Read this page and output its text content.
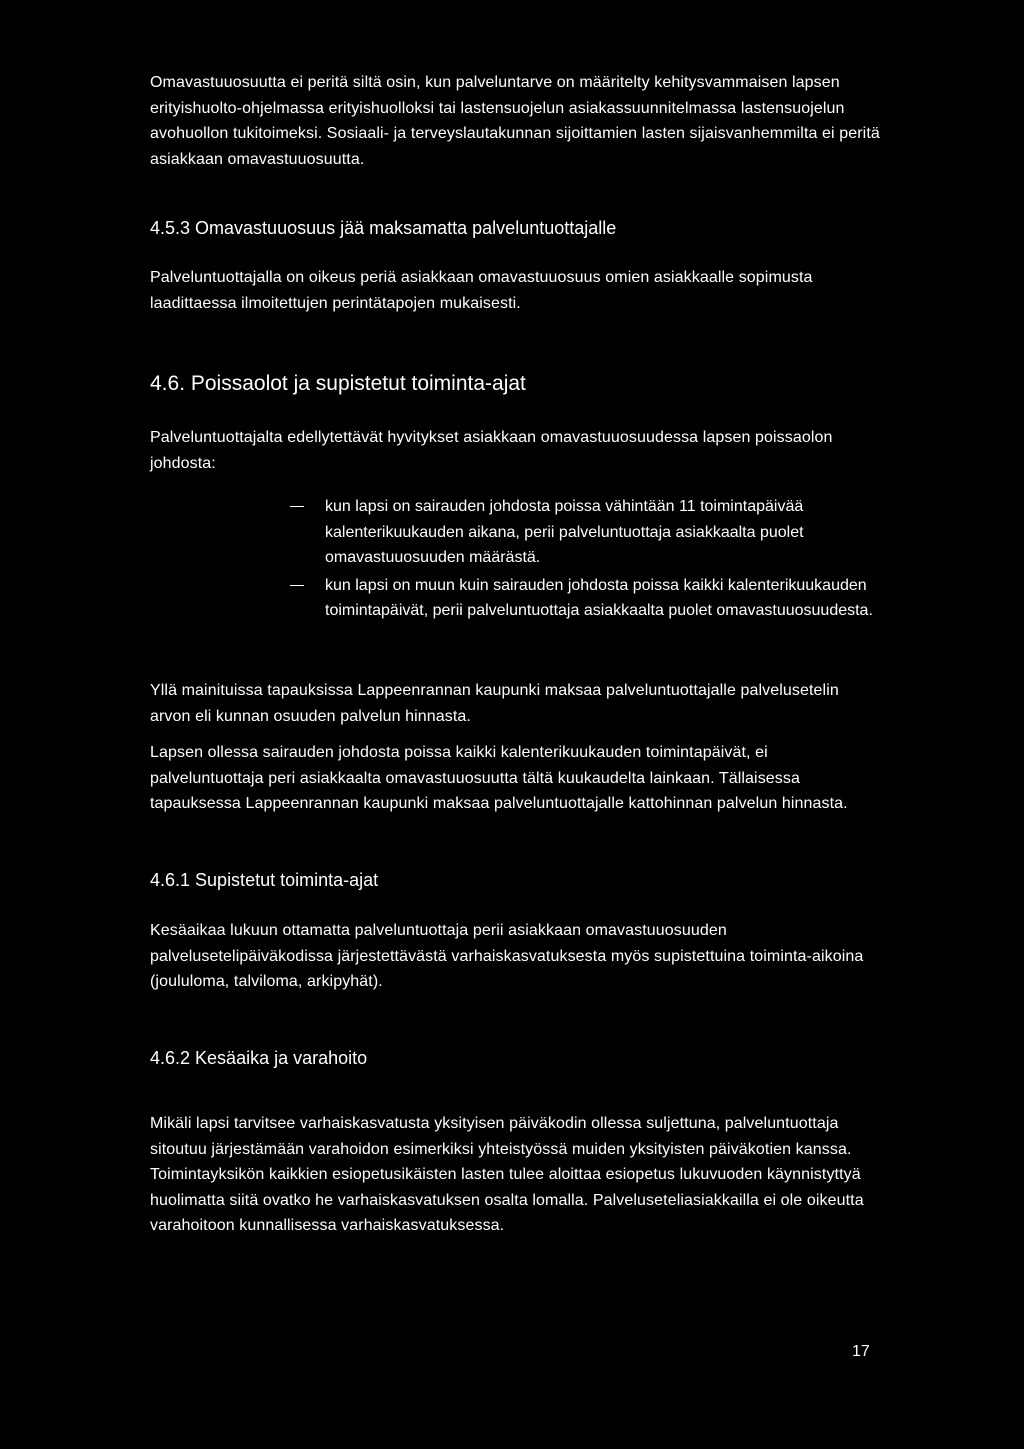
Omavastuuosuutta ei peritä siltä osin, kun palveluntarve on määritelty kehitysvammaisen lapsen erityishuolto-ohjelmassa erityishuolloksi tai lastensuojelun asiakassuunnitelmassa lastensuojelun avohuollon tukitoimeksi. Sosiaali- ja terveyslautakunnan sijoittamien lasten sijaisvanhemmilta ei peritä asiakkaan omavastuuosuutta.

4.5.3 Omavastuuosuus jää maksamatta palveluntuottajalle

Palveluntuottajalla on oikeus periä asiakkaan omavastuuosuus omien asiakkaalle sopimusta laadittaessa ilmoitettujen perintätapojen mukaisesti.

4.6. Poissaolot ja supistetut toiminta-ajat

Palveluntuottajalta edellytettävät hyvitykset asiakkaan omavastuuosuudessa lapsen poissaolon johdosta:

kun lapsi on sairauden johdosta poissa vähintään 11 toimintapäivää kalenterikuukauden aikana, perii palveluntuottaja asiakkaalta puolet omavastuuosuuden määrästä.
kun lapsi on muun kuin sairauden johdosta poissa kaikki kalenterikuukauden toimintapäivät, perii palveluntuottaja asiakkaalta puolet omavastuuosuudesta.

Yllä mainituissa tapauksissa Lappeenrannan kaupunki maksaa palveluntuottajalle palvelusetelin arvon eli kunnan osuuden palvelun hinnasta.

Lapsen ollessa sairauden johdosta poissa kaikki kalenterikuukauden toimintapäivät, ei palveluntuottaja peri asiakkaalta omavastuuosuutta tältä kuukaudelta lainkaan. Tällaisessa tapauksessa Lappeenrannan kaupunki maksaa palveluntuottajalle kattohinnan palvelun hinnasta.

4.6.1 Supistetut toiminta-ajat

Kesäaikaa lukuun ottamatta palveluntuottaja perii asiakkaan omavastuuosuuden palvelusetelipäiväkodissa järjestettävästä varhaiskasvatuksesta myös supistettuina toiminta-aikoina (joululoma, talviloma, arkipyhät).

4.6.2 Kesäaika ja varahoito

Mikäli lapsi tarvitsee varhaiskasvatusta yksityisen päiväkodin ollessa suljettuna, palveluntuottaja sitoutuu järjestämään varahoidon esimerkiksi yhteistyössä muiden yksityisten päiväkotien kanssa. Toimintayksikön kaikkien esiopetusikäisten lasten tulee aloittaa esiopetus lukuvuoden käynnistyttyä huolimatta siitä ovatko he varhaiskasvatuksen osalta lomalla. Palveluseteliasiakkailla ei ole oikeutta varahoitoon kunnallisessa varhaiskasvatuksessa.

17
